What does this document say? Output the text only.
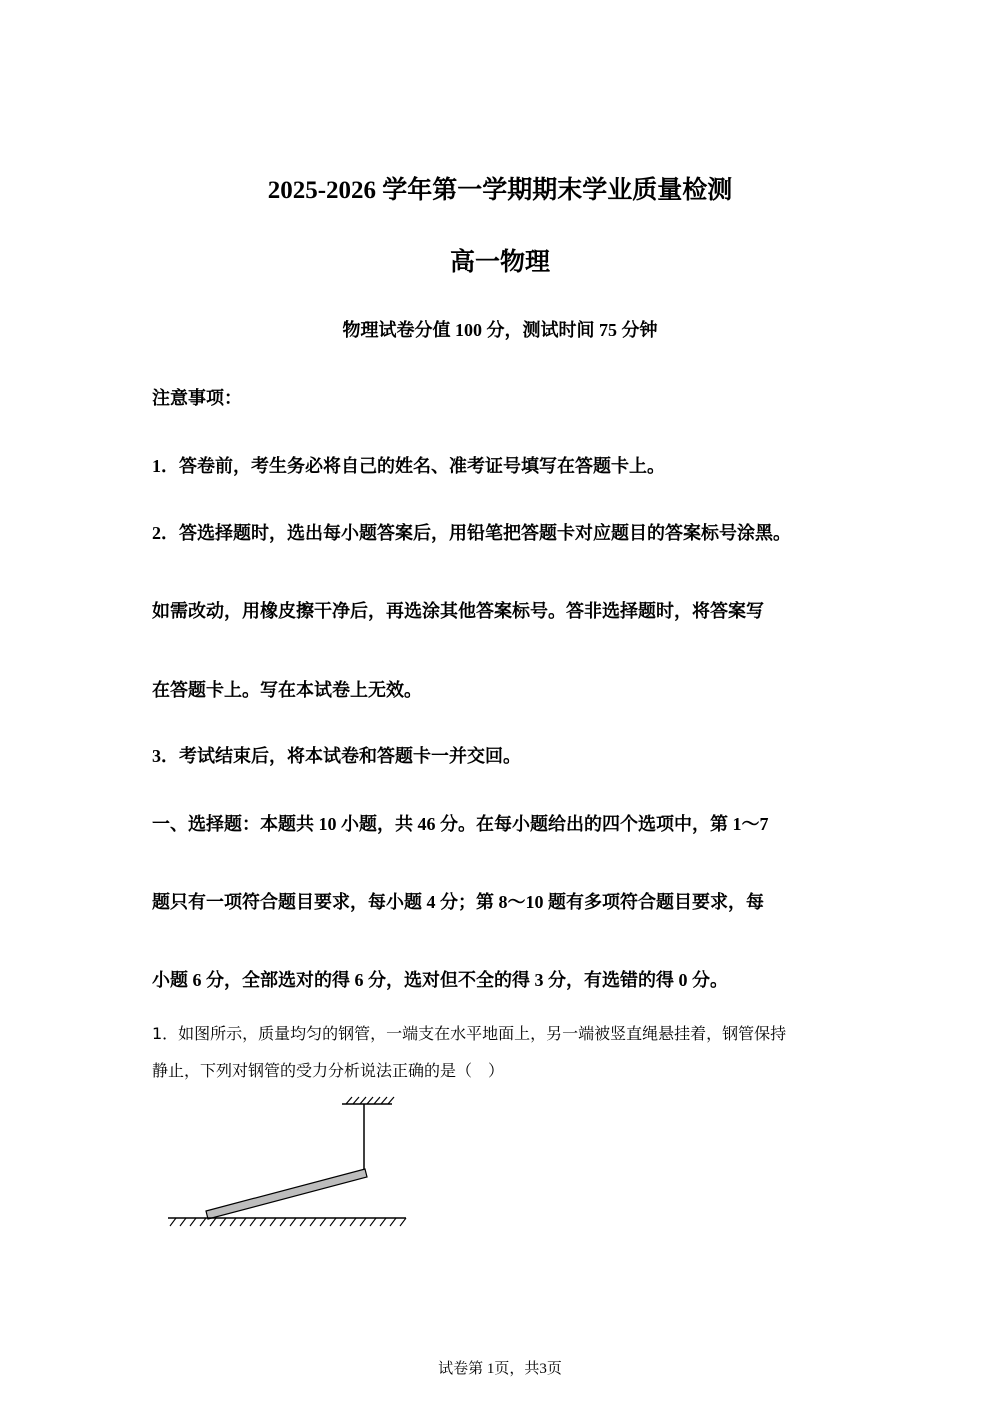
2025-2026 学年第一学期期末学业质量检测
高一物理
物理试卷分值 100 分，测试时间 75 分钟
注意事项：
1．答卷前，考生务必将自己的姓名、准考证号填写在答题卡上。
2．答选择题时，选出每小题答案后，用铅笔把答题卡对应题目的答案标号涂黑。
如需改动，用橡皮擦干净后，再选涂其他答案标号。答非选择题时，将答案写
在答题卡上。写在本试卷上无效。
3．考试结束后，将本试卷和答题卡一并交回。
一、选择题：本题共 10 小题，共 46 分。在每小题给出的四个选项中，第 1～7
题只有一项符合题目要求，每小题 4 分；第 8～10 题有多项符合题目要求，每
小题 6 分，全部选对的得 6 分，选对但不全的得 3 分，有选错的得 0 分。
1．如图所示，质量均匀的钢管，一端支在水平地面上，另一端被竖直绳悬挂着，钢管保持
静止，下列对钢管的受力分析说法正确的是（　）
试卷第 1页，共3页
